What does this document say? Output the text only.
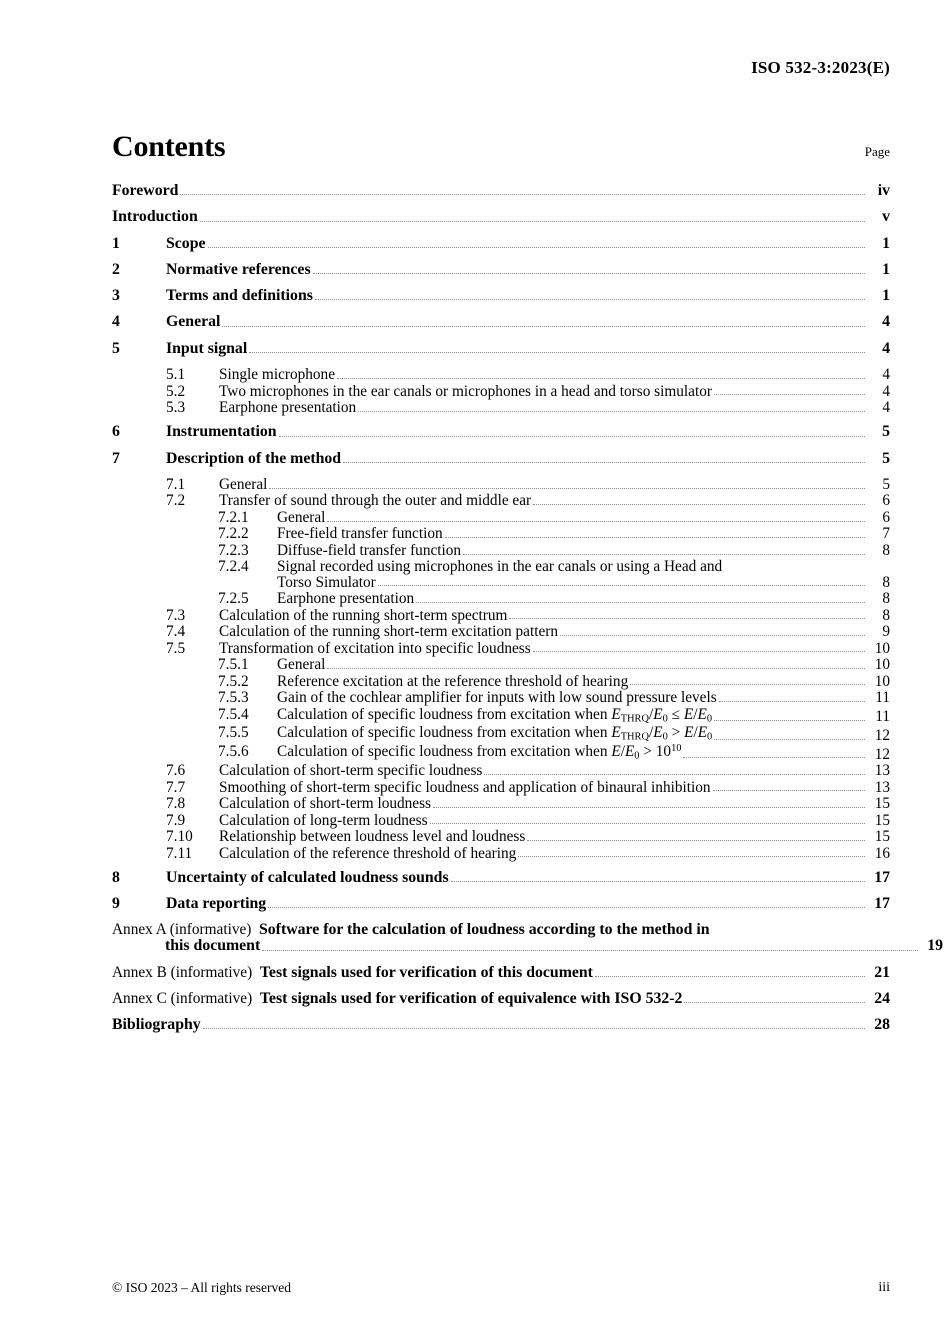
ISO 532-3:2023(E)
Contents	Page
Foreword	iv
Introduction	v
1	Scope	1
2	Normative references	1
3	Terms and definitions	1
4	General	4
5	Input signal	4
5.1	Single microphone	4
5.2	Two microphones in the ear canals or microphones in a head and torso simulator	4
5.3	Earphone presentation	4
6	Instrumentation	5
7	Description of the method	5
7.1	General	5
7.2	Transfer of sound through the outer and middle ear	6
7.2.1	General	6
7.2.2	Free-field transfer function	7
7.2.3	Diffuse-field transfer function	8
7.2.4	Signal recorded using microphones in the ear canals or using a Head and
Torso Simulator	8
7.2.5	Earphone presentation	8
7.3	Calculation of the running short-term spectrum	8
7.4	Calculation of the running short-term excitation pattern	9
7.5	Transformation of excitation into specific loudness	10
7.5.1	General	10
7.5.2	Reference excitation at the reference threshold of hearing	10
7.5.3	Gain of the cochlear amplifier for inputs with low sound pressure levels	11
7.5.4	Calculation of specific loudness from excitation when $E_{THRQ}/E_0 \le E/E_0$	11
7.5.5	Calculation of specific loudness from excitation when $E_{THRQ}/E_0 > E/E_0$	12
7.5.6	Calculation of specific loudness from excitation when $E/E_0 > 10^{10}$	12
7.6	Calculation of short-term specific loudness	13
7.7	Smoothing of short-term specific loudness and application of binaural inhibition	13
7.8	Calculation of short-term loudness	15
7.9	Calculation of long-term loudness	15
7.10	Relationship between loudness level and loudness	15
7.11	Calculation of the reference threshold of hearing	16
8	Uncertainty of calculated loudness sounds	17
9	Data reporting	17
Annex A (informative) Software for the calculation of loudness according to the method in
this document	19
Annex B (informative) Test signals used for verification of this document	21
Annex C (informative) Test signals used for verification of equivalence with ISO 532-2	24
Bibliography	28
© ISO 2023 – All rights reserved	iii
